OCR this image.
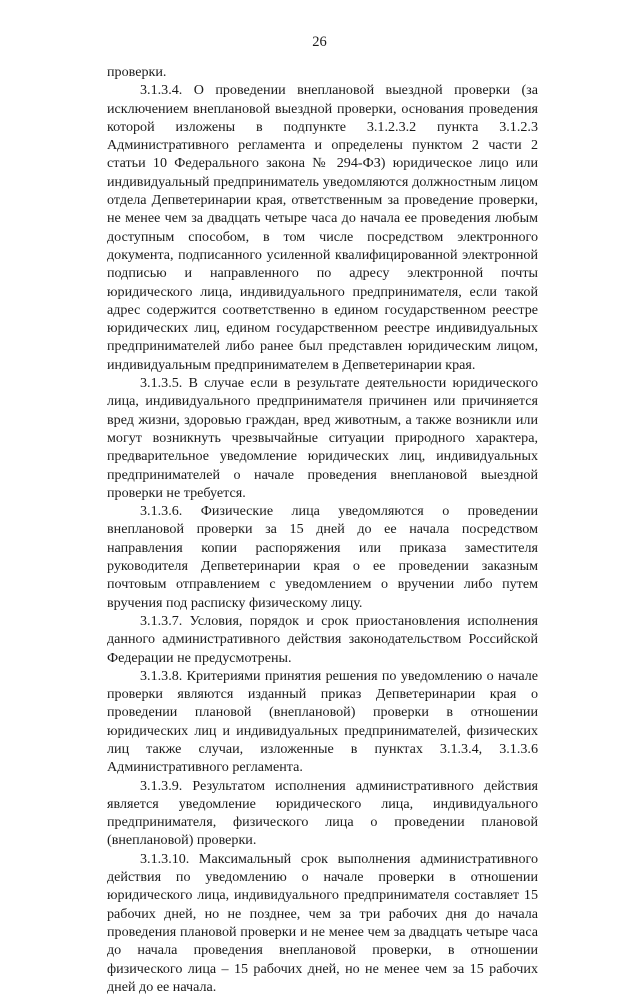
26

проверки.

3.1.3.4. О проведении внеплановой выездной проверки (за исключением внеплановой выездной проверки, основания проведения которой изложены в подпункте 3.1.2.3.2 пункта 3.1.2.3 Административного регламента и определены пунктом 2 части 2 статьи 10 Федерального закона № 294-ФЗ) юридическое лицо или индивидуальный предприниматель уведомляются должностным лицом отдела Депветеринарии края, ответственным за проведение проверки, не менее чем за двадцать четыре часа до начала ее проведения любым доступным способом, в том числе посредством электронного документа, подписанного усиленной квалифицированной электронной подписью и направленного по адресу электронной почты юридического лица, индивидуального предпринимателя, если такой адрес содержится соответственно в едином государственном реестре юридических лиц, едином государственном реестре индивидуальных предпринимателей либо ранее был представлен юридическим лицом, индивидуальным предпринимателем в Депветеринарии края.

3.1.3.5. В случае если в результате деятельности юридического лица, индивидуального предпринимателя причинен или причиняется вред жизни, здоровью граждан, вред животным, а также возникли или могут возникнуть чрезвычайные ситуации природного характера, предварительное уведомление юридических лиц, индивидуальных предпринимателей о начале проведения внеплановой выездной проверки не требуется.

3.1.3.6. Физические лица уведомляются о проведении внеплановой проверки за 15 дней до ее начала посредством направления копии распоряжения или приказа заместителя руководителя Депветеринарии края о ее проведении заказным почтовым отправлением с уведомлением о вручении либо путем вручения под расписку физическому лицу.

3.1.3.7. Условия, порядок и срок приостановления исполнения данного административного действия законодательством Российской Федерации не предусмотрены.

3.1.3.8. Критериями принятия решения по уведомлению о начале проверки являются изданный приказ Депветеринарии края о проведении плановой (внеплановой) проверки в отношении юридических лиц и индивидуальных предпринимателей, физических лиц также случаи, изложенные в пунктах 3.1.3.4, 3.1.3.6 Административного регламента.

3.1.3.9. Результатом исполнения административного действия является уведомление юридического лица, индивидуального предпринимателя, физического лица о проведении плановой (внеплановой) проверки.

3.1.3.10. Максимальный срок выполнения административного действия по уведомлению о начале проверки в отношении юридического лица, индивидуального предпринимателя составляет 15 рабочих дней, но не позднее, чем за три рабочих дня до начала проведения плановой проверки и не менее чем за двадцать четыре часа до начала проведения внеплановой проверки, в отношении физического лица – 15 рабочих дней, но не менее чем за 15 рабочих дней до ее начала.
